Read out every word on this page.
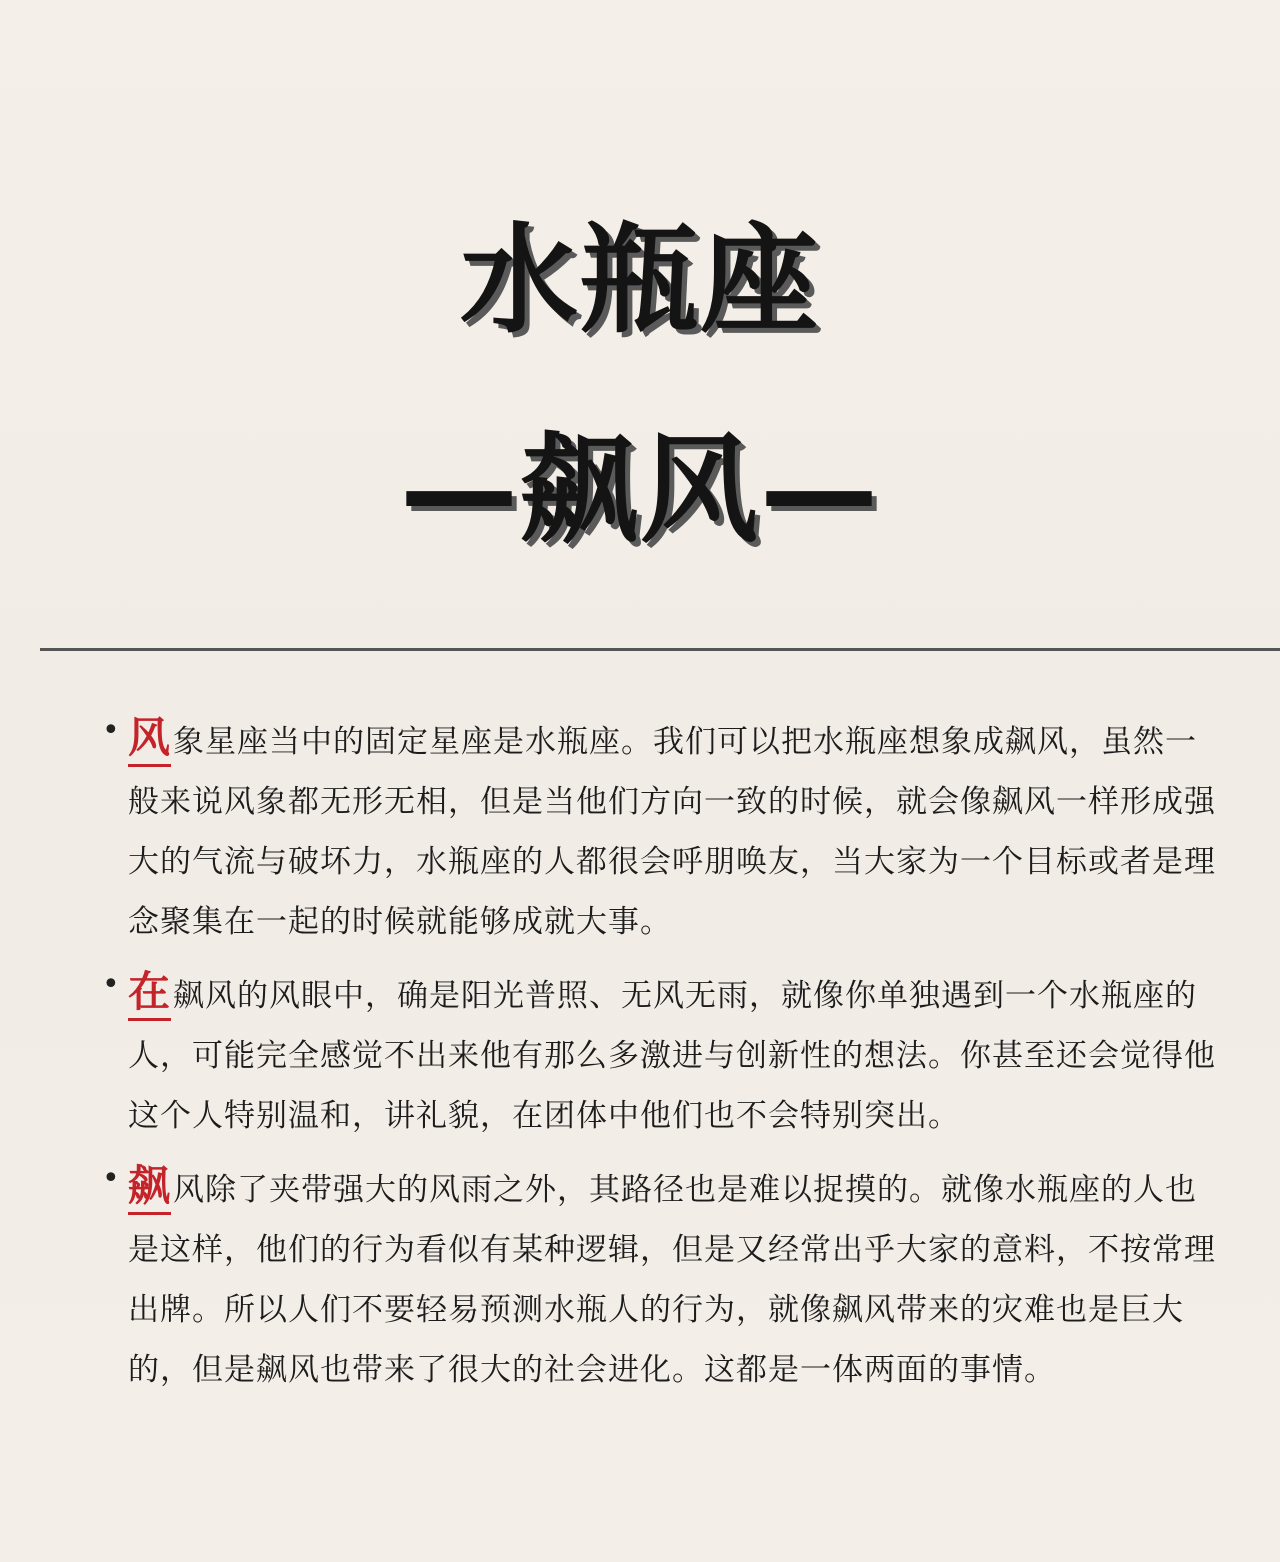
水瓶座
—飙风—

• 风象星座当中的固定星座是水瓶座。我们可以把水瓶座想象成飙风，虽然一般来说风象都无形无相，但是当他们方向一致的时候，就会像飙风一样形成强大的气流与破坏力，水瓶座的人都很会呼朋唤友，当大家为一个目标或者是理念聚集在一起的时候就能够成就大事。

• 在飙风的风眼中，确是阳光普照、无风无雨，就像你单独遇到一个水瓶座的人，可能完全感觉不出来他有那么多激进与创新性的想法。你甚至还会觉得他这个人特别温和，讲礼貌，在团体中他们也不会特别突出。

• 飙风除了夹带强大的风雨之外，其路径也是难以捉摸的。就像水瓶座的人也是这样，他们的行为看似有某种逻辑，但是又经常出乎大家的意料，不按常理出牌。所以人们不要轻易预测水瓶人的行为，就像飙风带来的灾难也是巨大的，但是飙风也带来了很大的社会进化。这都是一体两面的事情。
